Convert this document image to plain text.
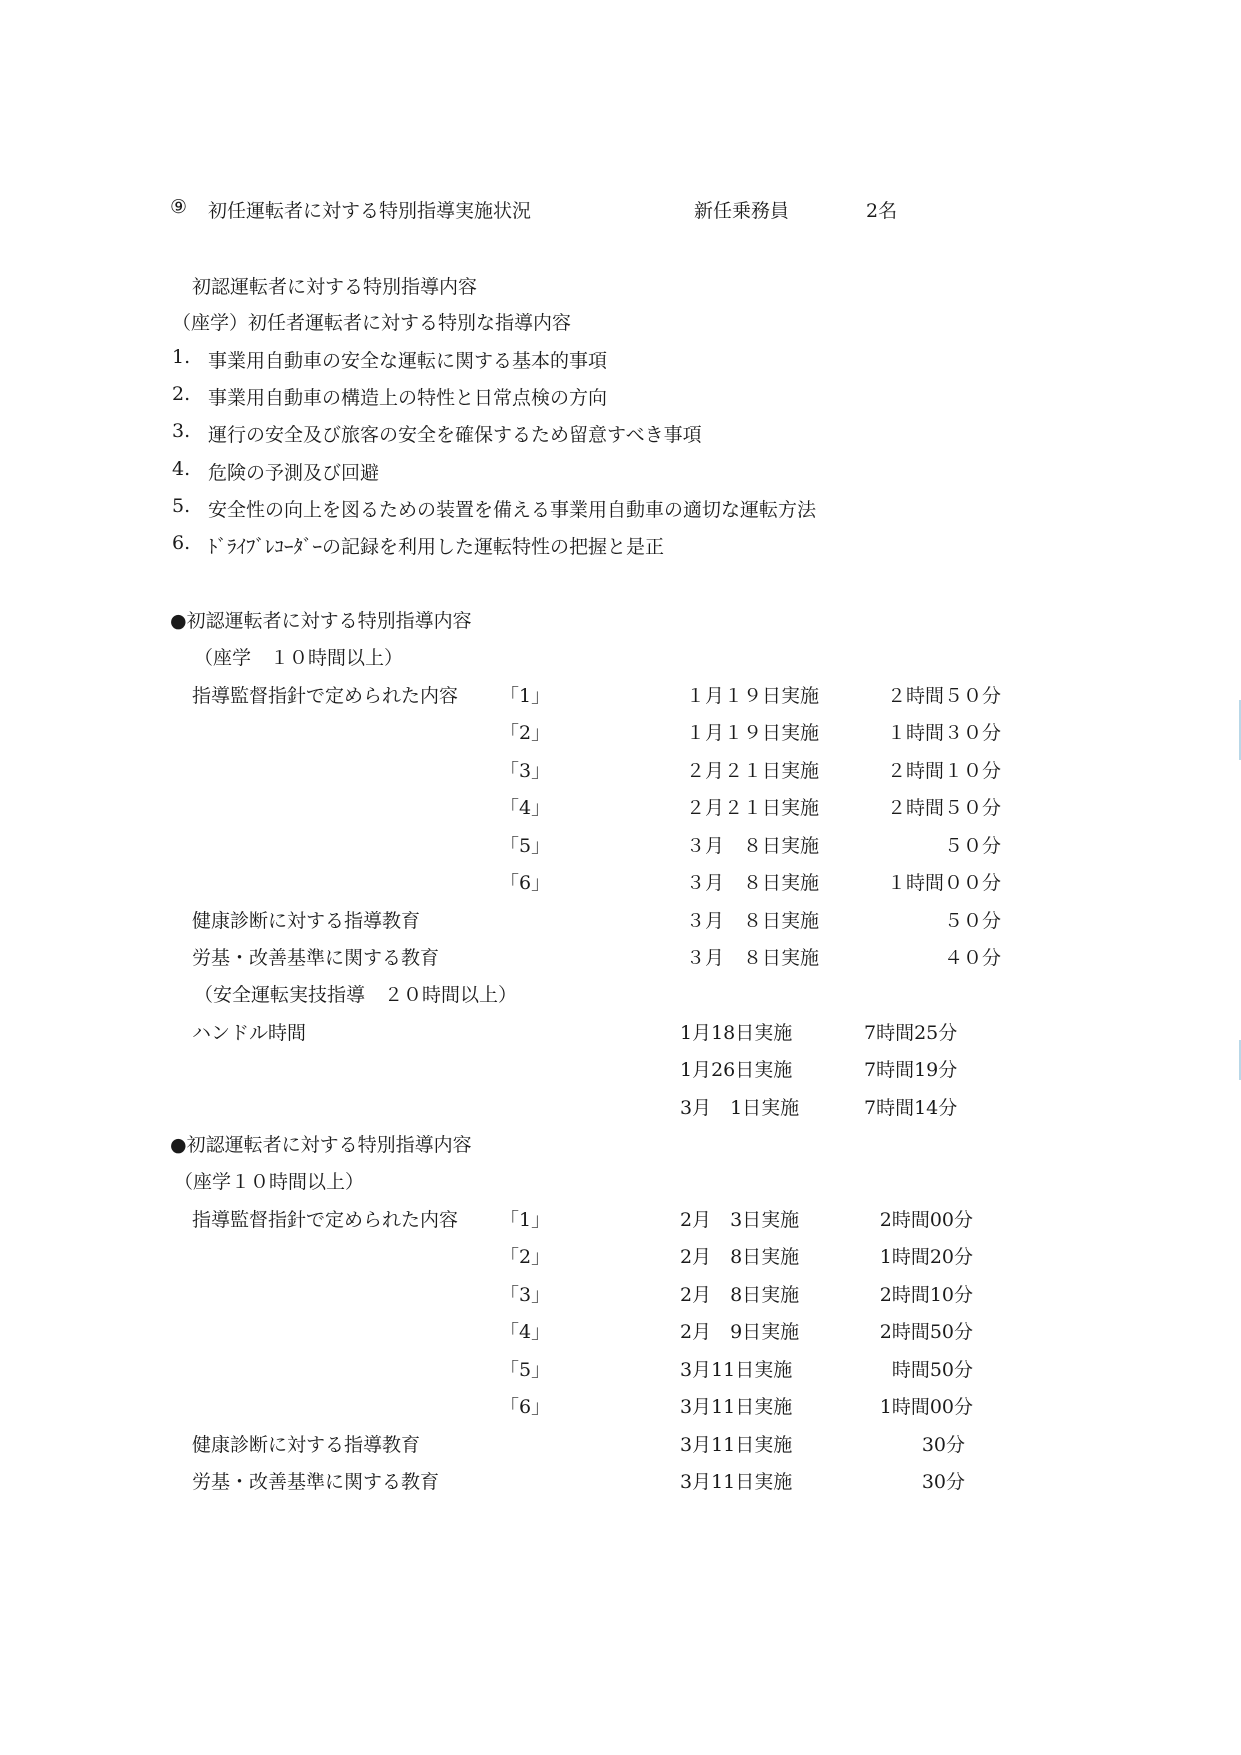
⑨ 初任運転者に対する特別指導実施状況	新任乗務員	2名
初認運転者に対する特別指導内容
（座学）初任者運転者に対する特別な指導内容
1. 事業用自動車の安全な運転に関する基本的事項
2. 事業用自動車の構造上の特性と日常点検の方向
3. 運行の安全及び旅客の安全を確保するため留意すべき事項
4. 危険の予測及び回避
5. 安全性の向上を図るための装置を備える事業用自動車の適切な運転方法
6. ﾄﾞﾗｲﾌﾞﾚｺｰﾀﾞｰの記録を利用した運転特性の把握と是正
●初認運転者に対する特別指導内容
（座学　１０時間以上）
指導監督指針で定められた内容 「1」	１月１９日実施	２時間５０分
「2」	１月１９日実施	１時間３０分
「3」	２月２１日実施	２時間１０分
「4」	２月２１日実施	２時間５０分
「5」	３月　８日実施	５０分
「6」	３月　８日実施	１時間００分
健康診断に対する指導教育	３月　８日実施	５０分
労基・改善基準に関する教育	３月　８日実施	４０分
（安全運転実技指導　２０時間以上）
ハンドル時間	1月18日実施	7時間25分
1月26日実施	7時間19分
3月　1日実施	7時間14分
●初認運転者に対する特別指導内容
（座学１０時間以上）
指導監督指針で定められた内容 「1」	2月　3日実施	2時間00分
「2」	2月　8日実施	1時間20分
「3」	2月　8日実施	2時間10分
「4」	2月　9日実施	2時間50分
「5」	3月11日実施	時間50分
「6」	3月11日実施	1時間00分
健康診断に対する指導教育	3月11日実施	30分
労基・改善基準に関する教育	3月11日実施	30分
